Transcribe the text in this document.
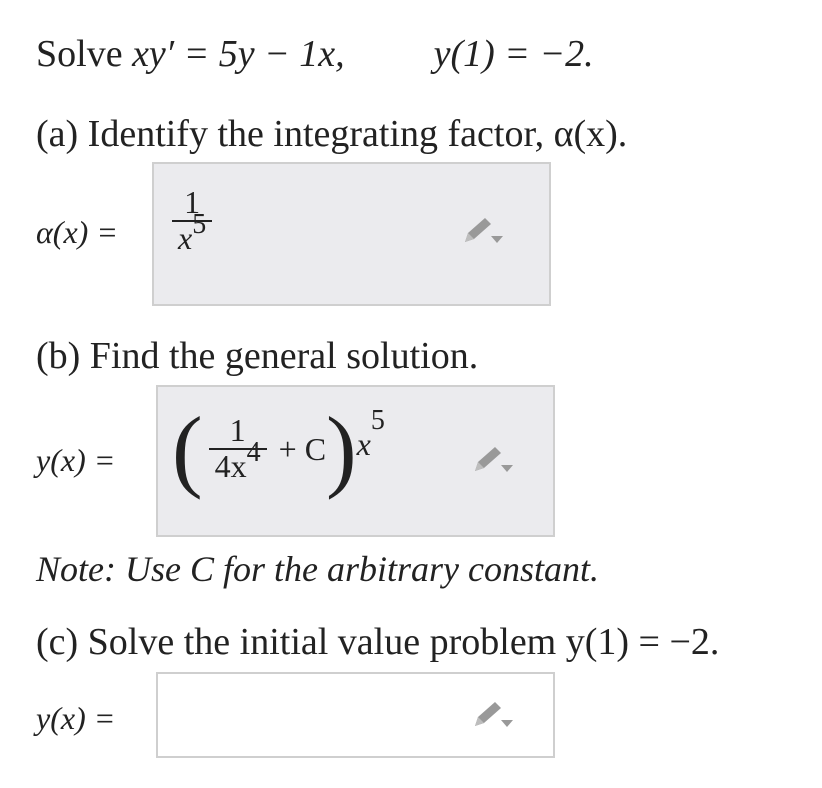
Solve xy′ = 5y − 1x, y(1) = −2.
(a) Identify the integrating factor, α(x).
$\alpha(x) = \frac{1}{x5}$
(b) Find the general solution.
y(x) = ( $\frac{1}{4x4} + C$ ) x
5
Note: Use C for the arbitrary constant.
(c) Solve the initial value problem y(1) = −2.
y(x) =
